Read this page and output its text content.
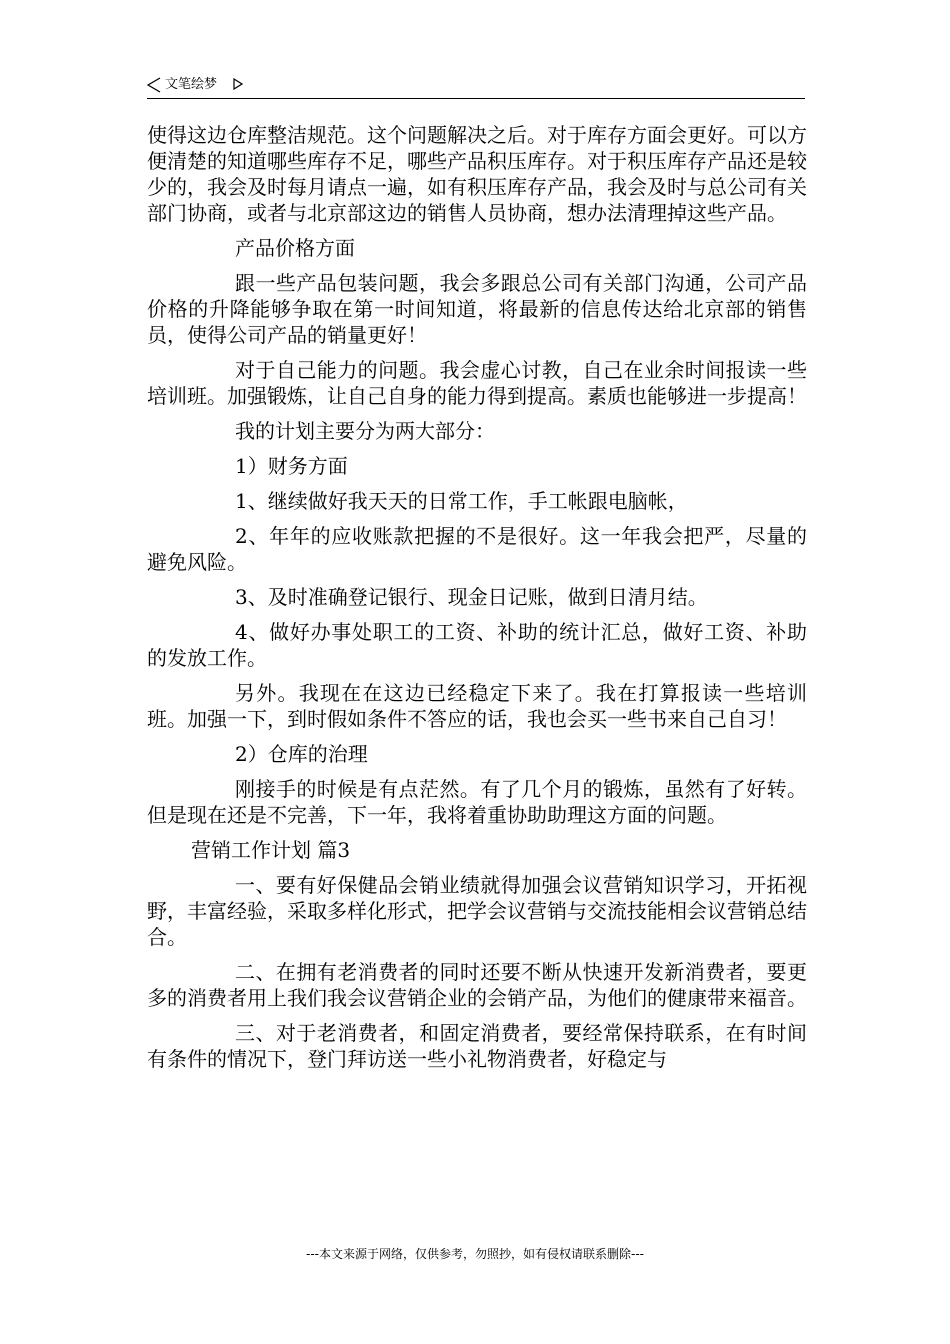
文笔绘梦

使得这边仓库整洁规范。这个问题解决之后。对于库存方面会更好。可以方便清楚的知道哪些库存不足，哪些产品积压库存。对于积压库存产品还是较少的，我会及时每月请点一遍，如有积压库存产品，我会及时与总公司有关部门协商，或者与北京部这边的销售人员协商，想办法清理掉这些产品。

产品价格方面

跟一些产品包装问题，我会多跟总公司有关部门沟通，公司产品价格的升降能够争取在第一时间知道，将最新的信息传达给北京部的销售员，使得公司产品的销量更好！

对于自己能力的问题。我会虚心讨教，自己在业余时间报读一些培训班。加强锻炼，让自己自身的能力得到提高。素质也能够进一步提高！

我的计划主要分为两大部分：

1）财务方面

1、继续做好我天天的日常工作，手工帐跟电脑帐，

2、年年的应收账款把握的不是很好。这一年我会把严，尽量的避免风险。

3、及时准确登记银行、现金日记账，做到日清月结。

4、做好办事处职工的工资、补助的统计汇总，做好工资、补助的发放工作。

另外。我现在在这边已经稳定下来了。我在打算报读一些培训班。加强一下，到时假如条件不答应的话，我也会买一些书来自己自习！

2）仓库的治理

刚接手的时候是有点茫然。有了几个月的锻炼，虽然有了好转。但是现在还是不完善，下一年，我将着重协助助理这方面的问题。

营销工作计划 篇3

一、要有好保健品会销业绩就得加强会议营销知识学习，开拓视野，丰富经验，采取多样化形式，把学会议营销与交流技能相会议营销总结合。

二、在拥有老消费者的同时还要不断从快速开发新消费者，要更多的消费者用上我们我会议营销企业的会销产品，为他们的健康带来福音。

三、对于老消费者，和固定消费者，要经常保持联系，在有时间有条件的情况下，登门拜访送一些小礼物消费者，好稳定与

---本文来源于网络，仅供参考，勿照抄，如有侵权请联系删除---
